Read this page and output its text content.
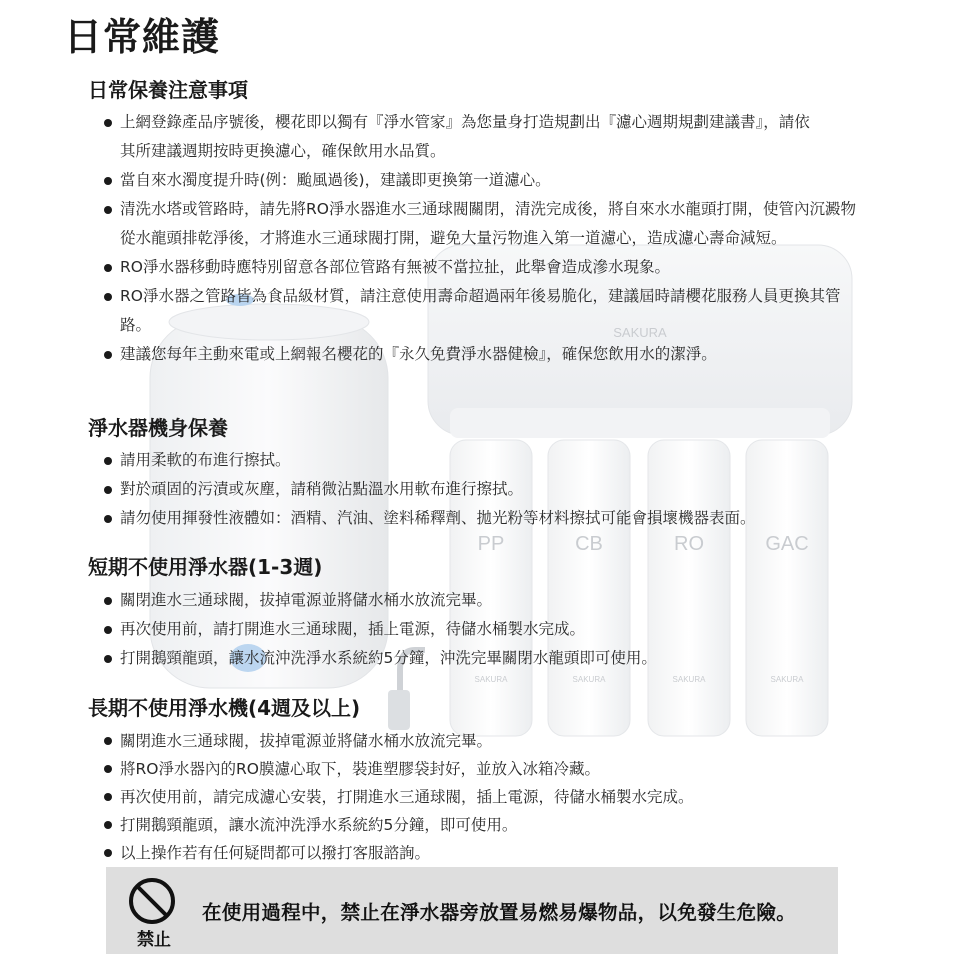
SAKURA
PP	CB	RO	GAC
SAKURA	SAKURA	SAKURA	SAKURA
日常維護
日常保養注意事項
上網登錄產品序號後，櫻花即以獨有『淨水管家』為您量身打造規劃出『濾心週期規劃建議書』，請依其所建議週期按時更換濾心，確保飲用水品質。
當自來水濁度提升時(例：颱風過後)，建議即更換第一道濾心。
清洗水塔或管路時，請先將RO淨水器進水三通球閥關閉，清洗完成後，將自來水水龍頭打開，使管內沉澱物從水龍頭排乾淨後，才將進水三通球閥打開，避免大量污物進入第一道濾心，造成濾心壽命減短。
RO淨水器移動時應特別留意各部位管路有無被不當拉扯，此舉會造成滲水現象。
RO淨水器之管路皆為食品級材質，請注意使用壽命超過兩年後易脆化，建議屆時請櫻花服務人員更換其管路。
建議您每年主動來電或上網報名櫻花的『永久免費淨水器健檢』，確保您飲用水的潔淨。
淨水器機身保養
請用柔軟的布進行擦拭。
對於頑固的污漬或灰塵，請稍微沾點溫水用軟布進行擦拭。
請勿使用揮發性液體如：酒精、汽油、塗料稀釋劑、拋光粉等材料擦拭可能會損壞機器表面。
短期不使用淨水器(1-3週)
關閉進水三通球閥，拔掉電源並將儲水桶水放流完畢。
再次使用前，請打開進水三通球閥，插上電源，待儲水桶製水完成。
打開鵝頸龍頭，讓水流沖洗淨水系統約5分鐘，沖洗完畢關閉水龍頭即可使用。
長期不使用淨水機(4週及以上)
關閉進水三通球閥，拔掉電源並將儲水桶水放流完畢。
將RO淨水器內的RO膜濾心取下，裝進塑膠袋封好，並放入冰箱冷藏。
再次使用前，請完成濾心安裝，打開進水三通球閥，插上電源，待儲水桶製水完成。
打開鵝頸龍頭，讓水流沖洗淨水系統約5分鐘，即可使用。
以上操作若有任何疑問都可以撥打客服諮詢。
禁止
在使用過程中，禁止在淨水器旁放置易燃易爆物品，以免發生危險。
